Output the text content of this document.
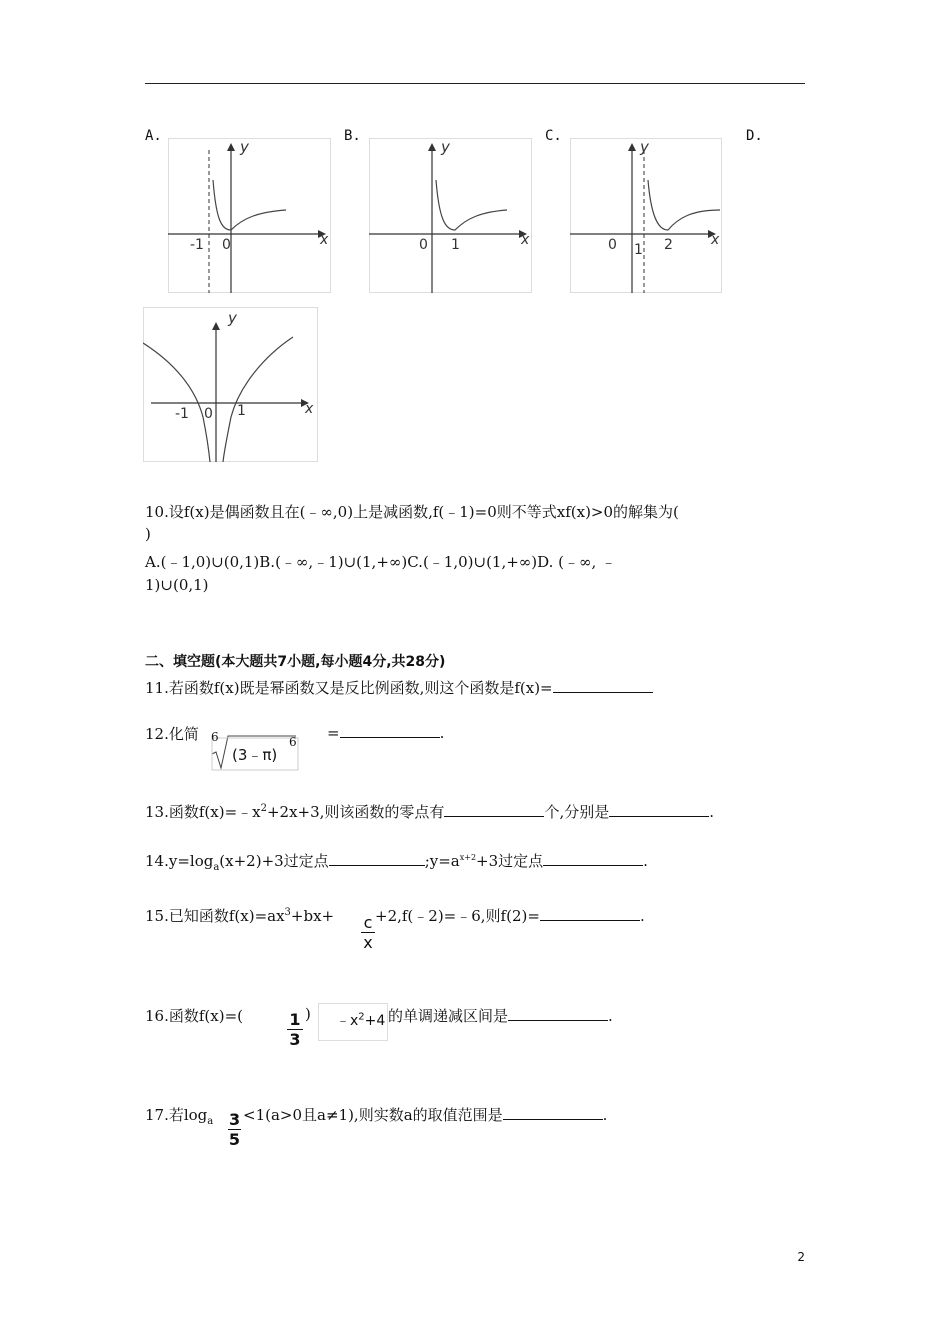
A.	B.	C.	D.
y
x
-1 0
y
x
0 1
y
x
0 1 2
y
x
-1 0 1
10.设f(x)是偶函数且在(﹣∞,0)上是减函数,f(﹣1)=0则不等式xf(x)>0的解集为(
)
A.(﹣1,0)∪(0,1)B.(﹣∞,﹣1)∪(1,+∞)C.(﹣1,0)∪(1,+∞)D. (﹣∞, ﹣
1)∪(0,1)
二、填空题(本大题共7小题,每小题4分,共28分)
11.若函数f(x)既是幂函数又是反比例函数,则这个函数是f(x)=
12.化简 6
(3﹣π)
6 =	.
13.函数$f(x)=﹣x^2+2x+3$,则该函数的零点有	个,分别是	.
$14.y=\log_a(x+2)+3$过定点	$;y=a^{x+2}+3$过定点	.
15.已知函数$f(x)=ax^3+bx+ \frac{c}{x}$ +2,f(﹣2)=﹣6,则f(2)=	.
16.函数f(x)=(	$\frac{1}{3}$ ) $﹣x^2+4$ 的单调递减区间是	.
17.若$\log_a \frac{3}{5} <1(a>0$且a≠1),则实数a的取值范围是	.
2
